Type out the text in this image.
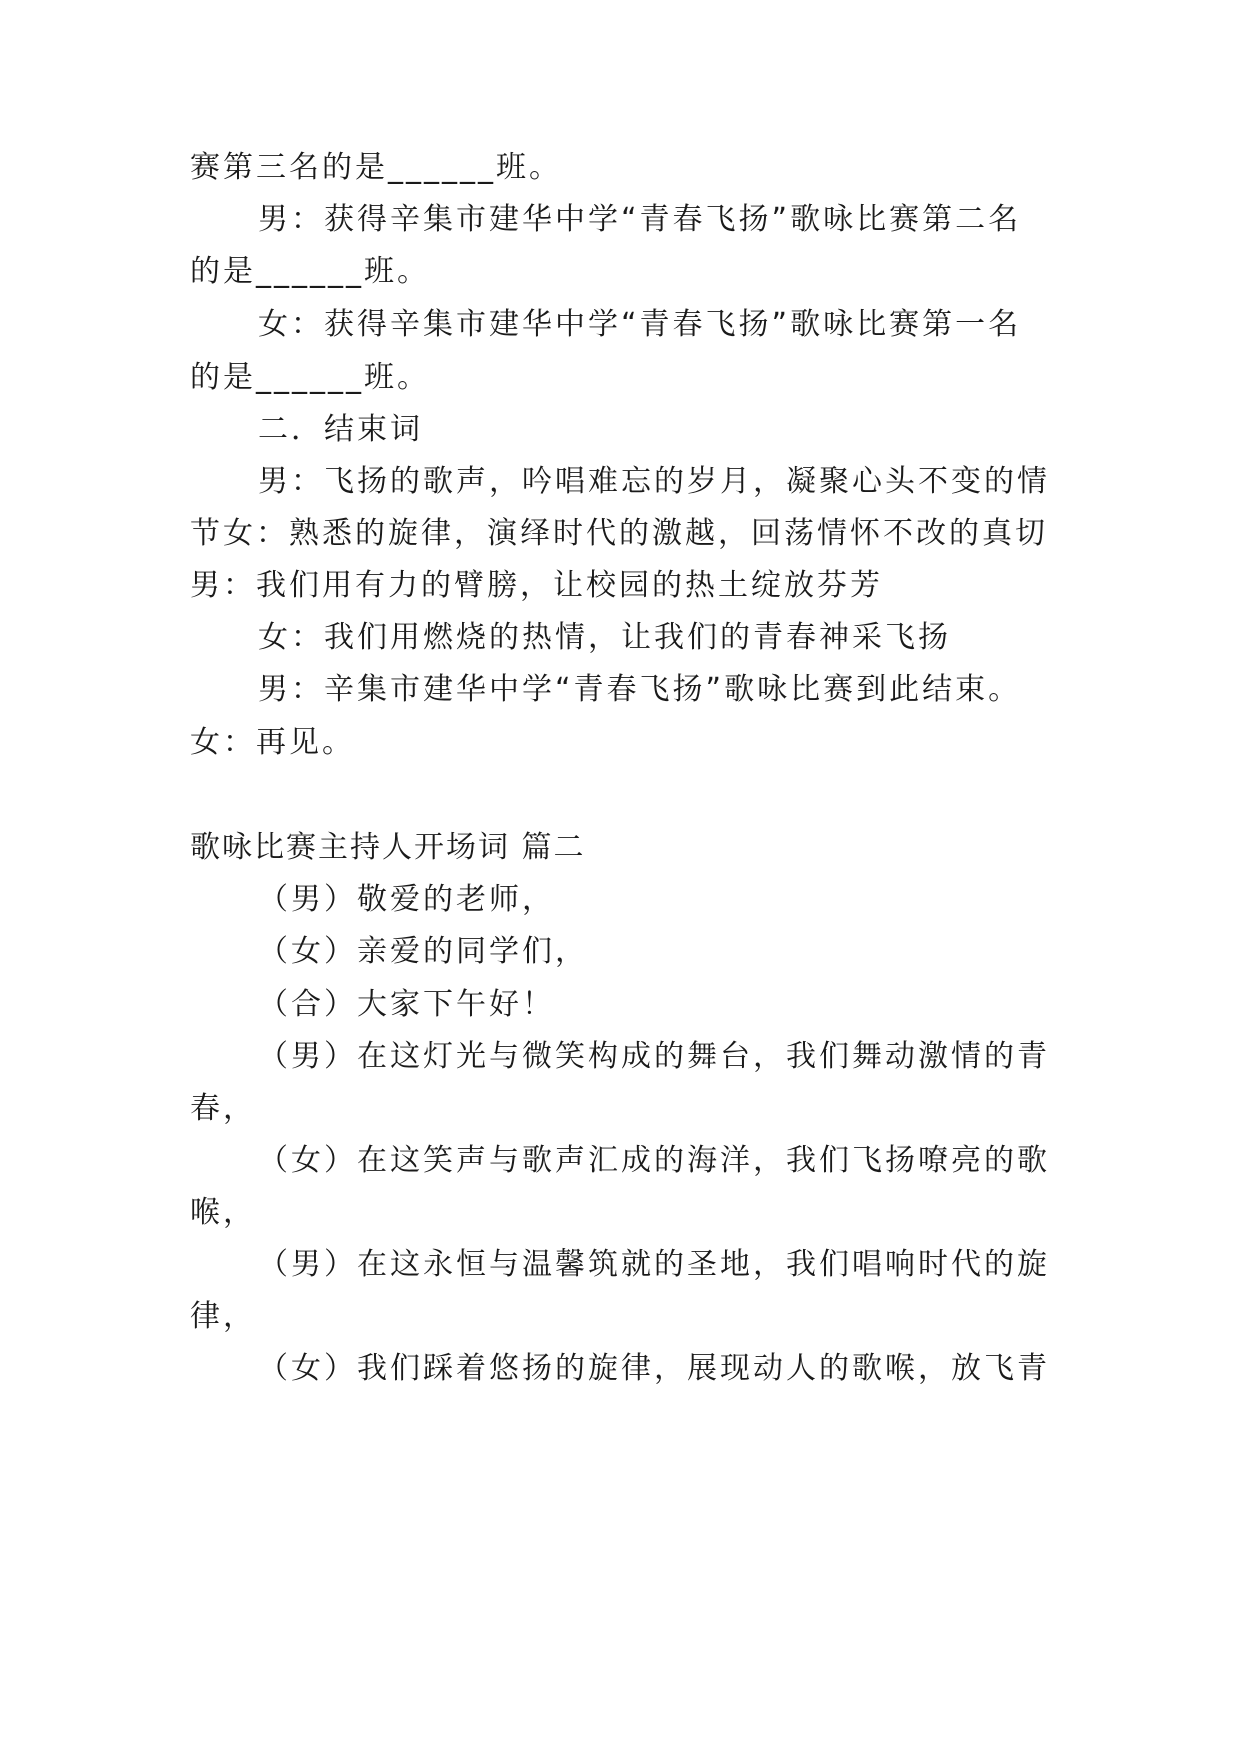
赛第三名的是______班。
男：获得辛集市建华中学“青春飞扬”歌咏比赛第二名
的是______班。
女：获得辛集市建华中学“青春飞扬”歌咏比赛第一名
的是______班。
二．结束词
男：飞扬的歌声，吟唱难忘的岁月，凝聚心头不变的情
节女：熟悉的旋律，演绎时代的激越，回荡情怀不改的真切
男：我们用有力的臂膀，让校园的热土绽放芬芳
女：我们用燃烧的热情，让我们的青春神采飞扬
男：辛集市建华中学“青春飞扬”歌咏比赛到此结束。
女：再见。
歌咏比赛主持人开场词 篇二
（男）敬爱的老师，
（女）亲爱的同学们，
（合）大家下午好！
（男）在这灯光与微笑构成的舞台，我们舞动激情的青
春，
（女）在这笑声与歌声汇成的海洋，我们飞扬嘹亮的歌
喉，
（男）在这永恒与温馨筑就的圣地，我们唱响时代的旋
律，
（女）我们踩着悠扬的旋律，展现动人的歌喉，放飞青
